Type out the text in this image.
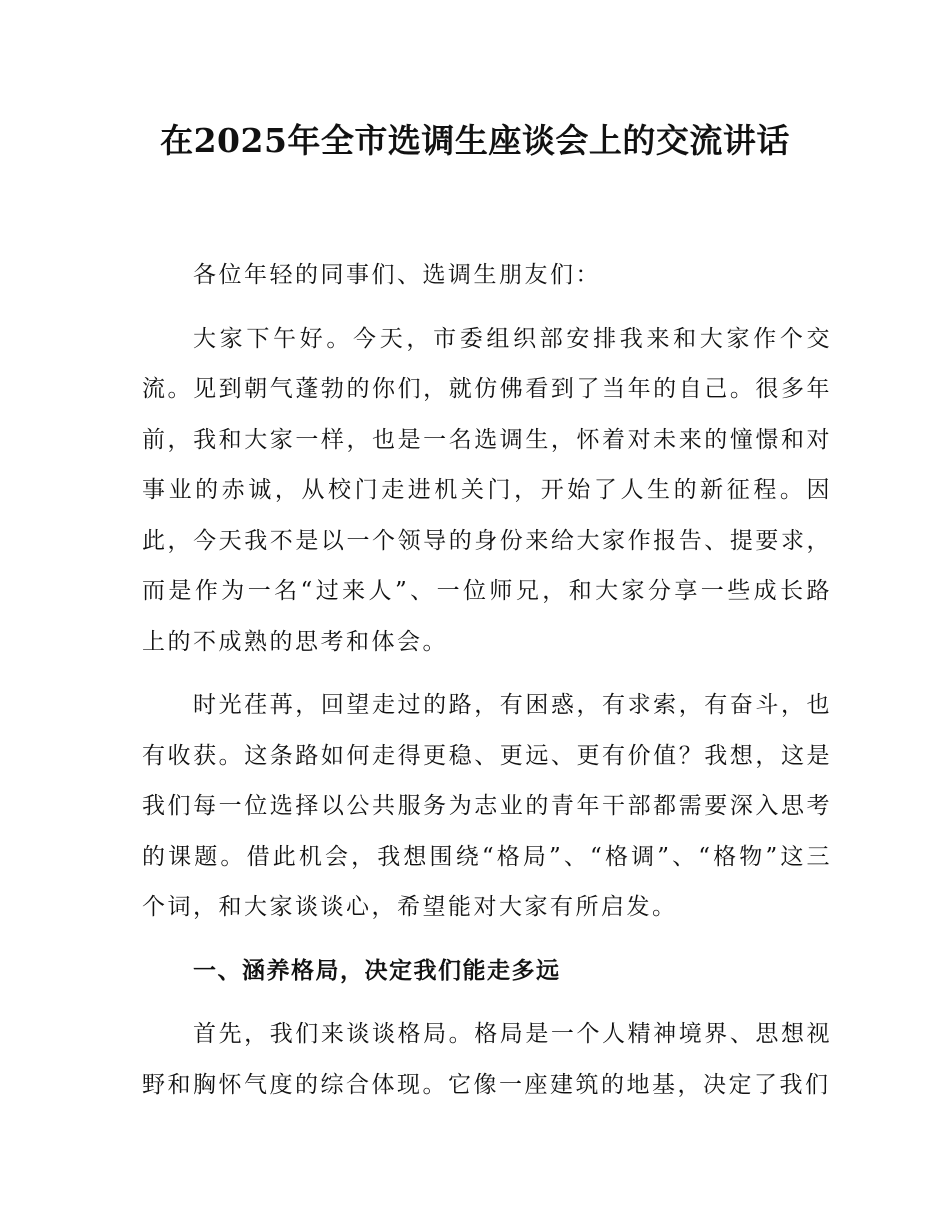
在2025年全市选调生座谈会上的交流讲话

各位年轻的同事们、选调生朋友们：

大家下午好。今天，市委组织部安排我来和大家作个交流。见到朝气蓬勃的你们，就仿佛看到了当年的自己。很多年前，我和大家一样，也是一名选调生，怀着对未来的憧憬和对事业的赤诚，从校门走进机关门，开始了人生的新征程。因此，今天我不是以一个领导的身份来给大家作报告、提要求，而是作为一名“过来人”、一位师兄，和大家分享一些成长路上的不成熟的思考和体会。

时光荏苒，回望走过的路，有困惑，有求索，有奋斗，也有收获。这条路如何走得更稳、更远、更有价值？我想，这是我们每一位选择以公共服务为志业的青年干部都需要深入思考的课题。借此机会，我想围绕“格局”、“格调”、“格物”这三个词，和大家谈谈心，希望能对大家有所启发。

一、涵养格局，决定我们能走多远

首先，我们来谈谈格局。格局是一个人精神境界、思想视野和胸怀气度的综合体现。它像一座建筑的地基，决定了我们
